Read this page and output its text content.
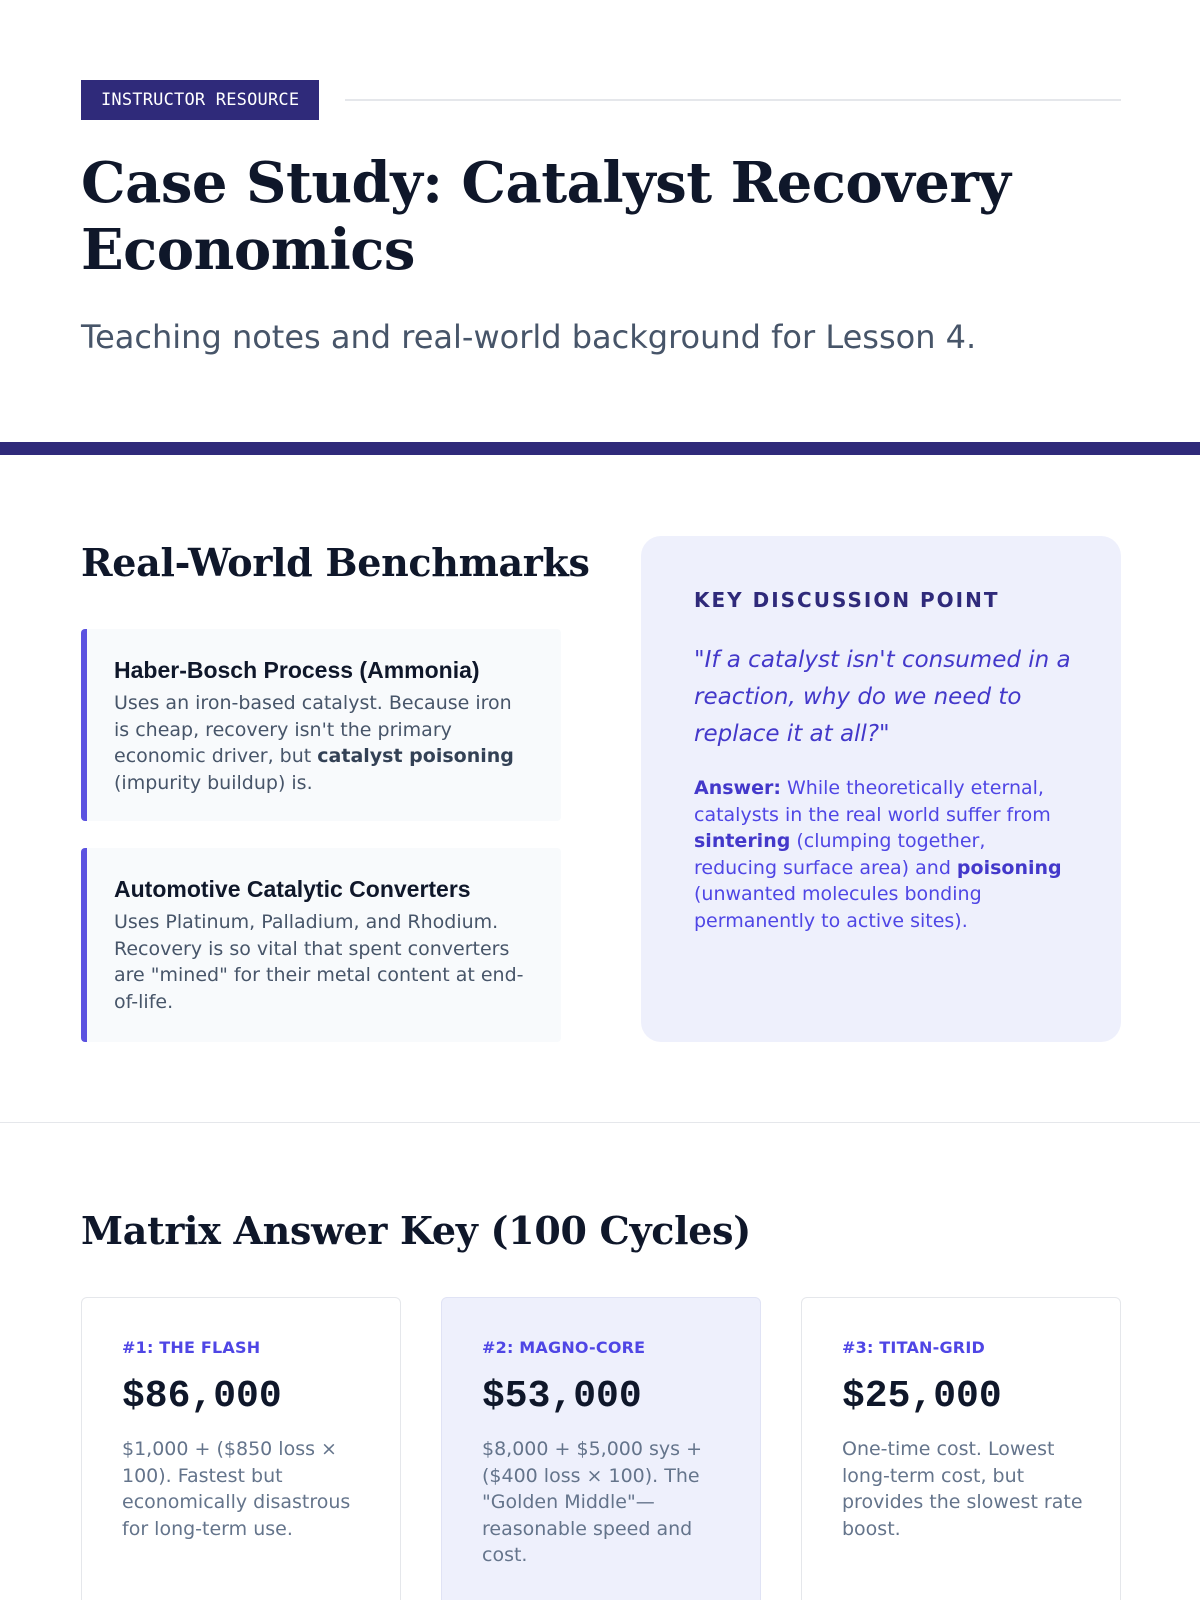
INSTRUCTOR RESOURCE
Case Study: Catalyst Recovery Economics

Teaching notes and real-world background for Lesson 4.

Real-World Benchmarks
Haber-Bosch Process (Ammonia)

Uses an iron-based catalyst. Because iron is cheap, recovery isn't the primary economic driver, but catalyst poisoning (impurity buildup) is.

Automotive Catalytic Converters

Uses Platinum, Palladium, and Rhodium. Recovery is so vital that spent converters are "mined" for their metal content at end-of-life.

KEY DISCUSSION POINT

"If a catalyst isn't consumed in a reaction, why do we need to replace it at all?"

Answer: While theoretically eternal, catalysts in the real world suffer from sintering (clumping together, reducing surface area) and poisoning (unwanted molecules bonding permanently to active sites).

Matrix Answer Key (100 Cycles)
#1: THE FLASH
$86,000

$1,000 + ($850 loss × 100). Fastest but economically disastrous for long-term use.

#2: MAGNO-CORE
$53,000

$8,000 + $5,000 sys + ($400 loss × 100). The "Golden Middle"—reasonable speed and cost.

#3: TITAN-GRID
$25,000

One-time cost. Lowest long-term cost, but provides the slowest rate boost.
